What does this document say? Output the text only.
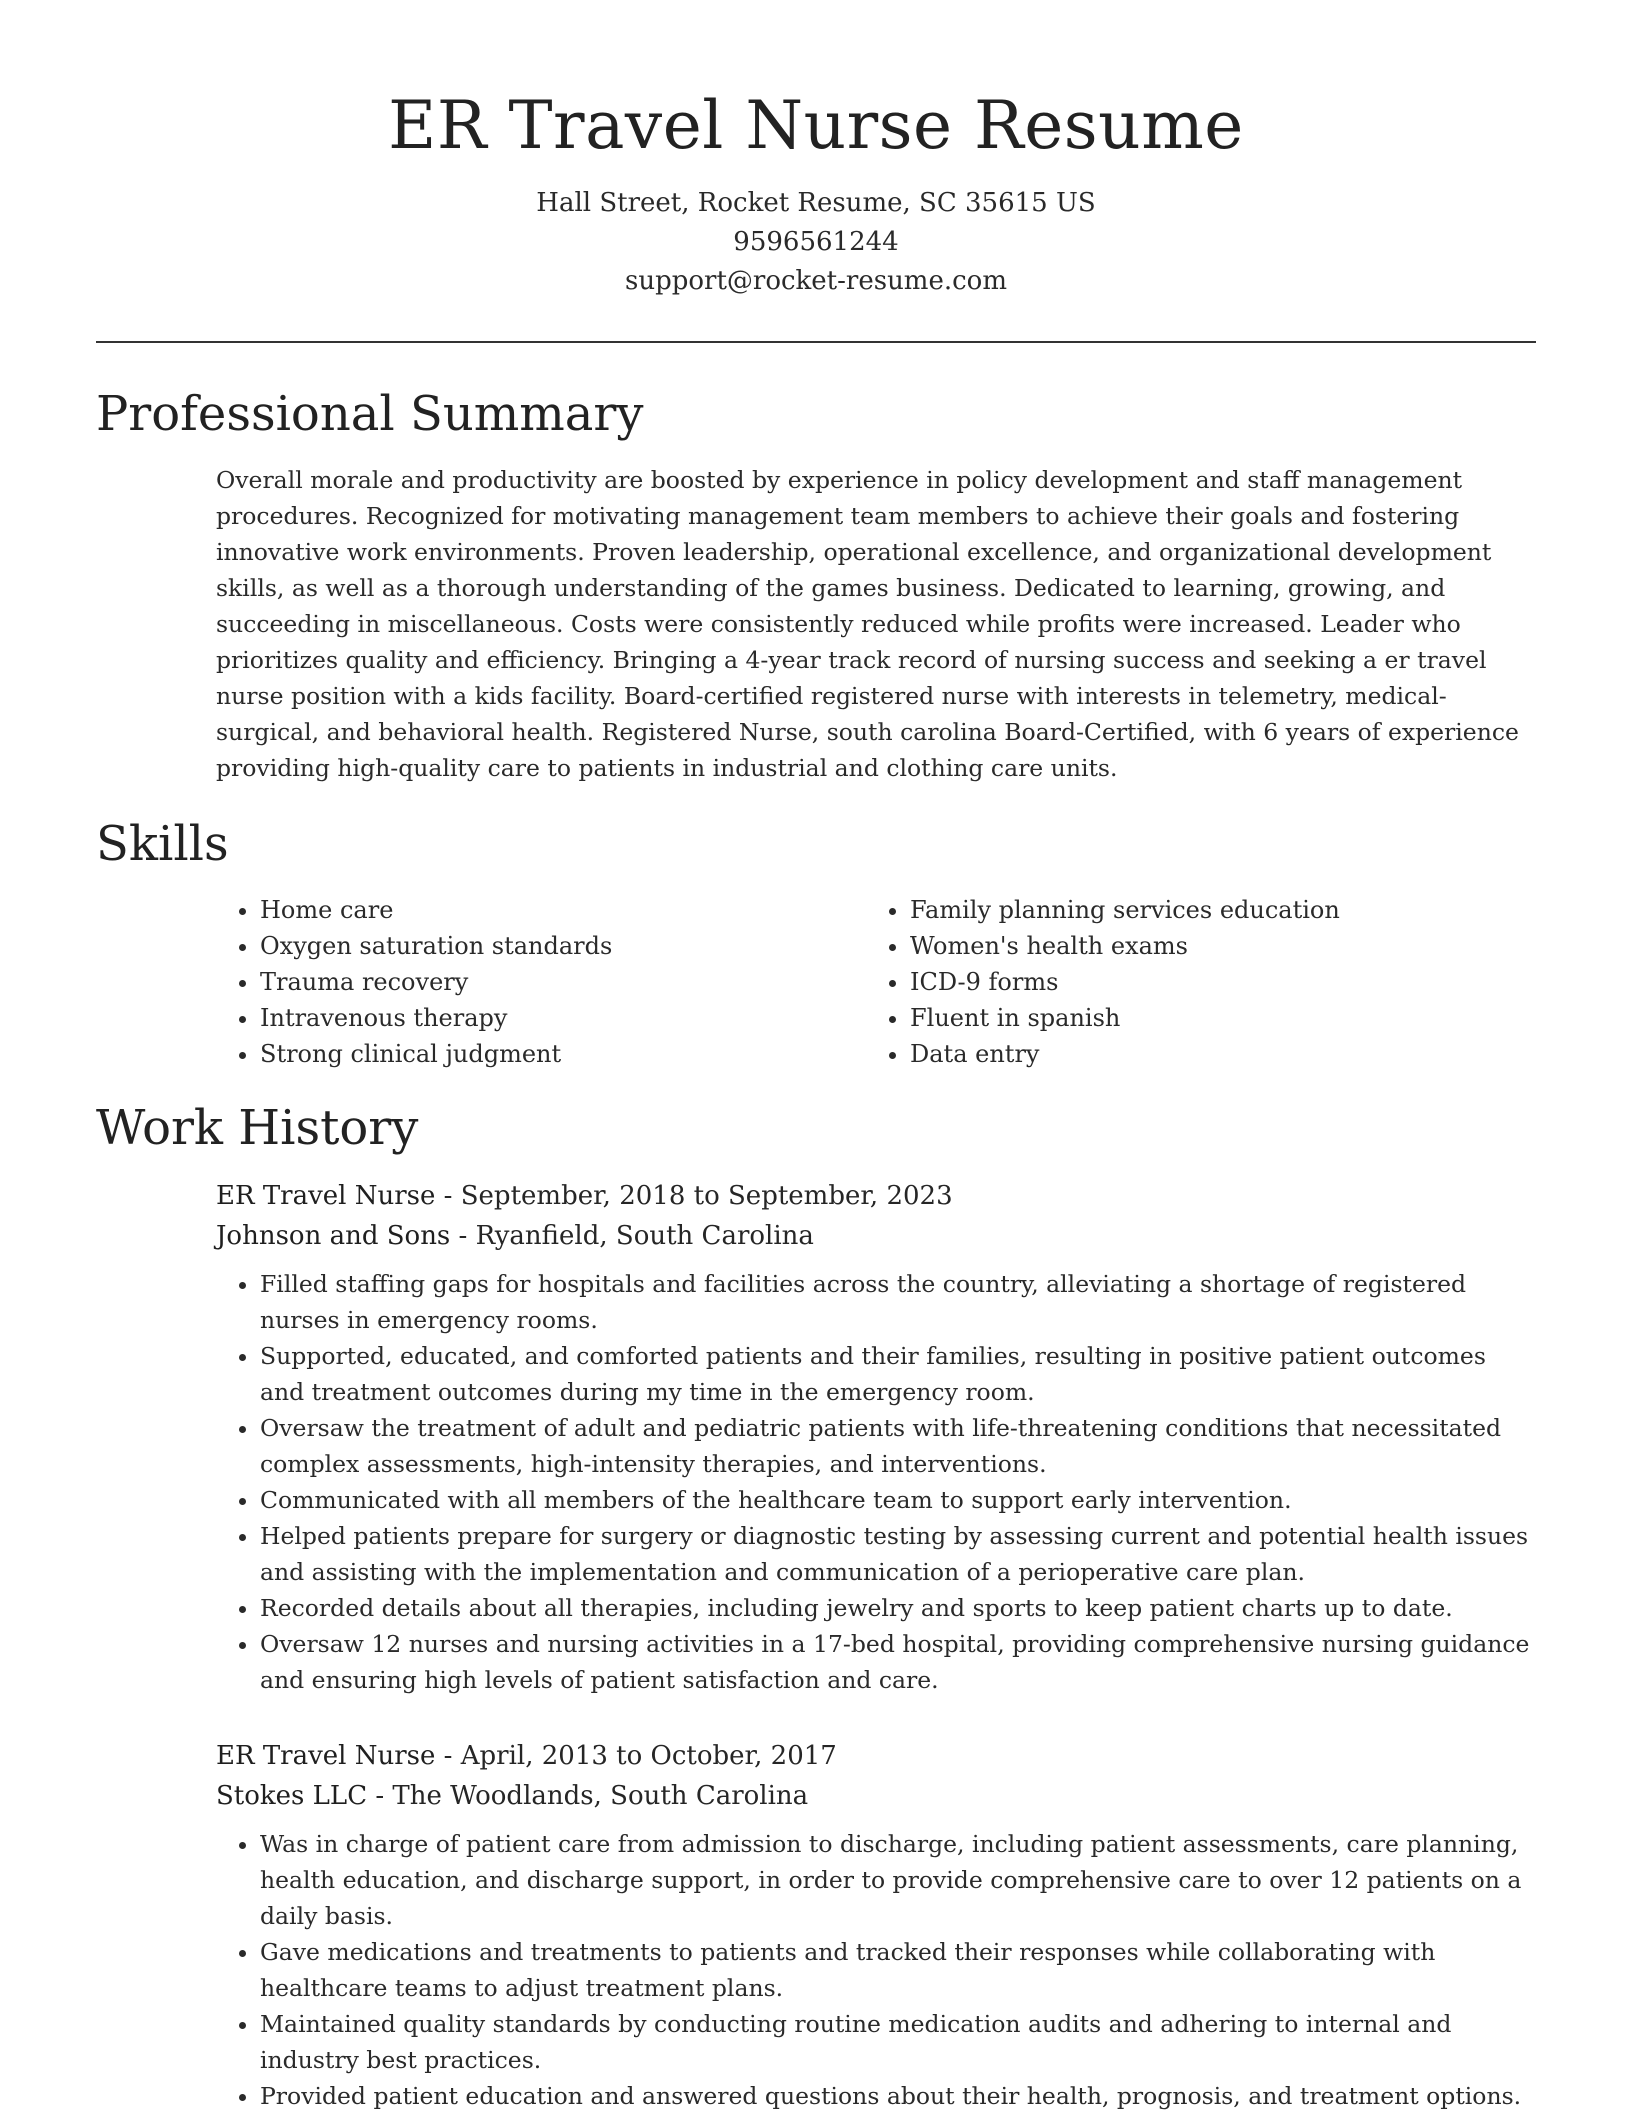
ER Travel Nurse Resume
Hall Street, Rocket Resume, SC 35615 US
9596561244
support@rocket-resume.com
Professional Summary

Overall morale and productivity are boosted by experience in policy development and staff management procedures. Recognized for motivating management team members to achieve their goals and fostering innovative work environments. Proven leadership, operational excellence, and organizational development skills, as well as a thorough understanding of the games business. Dedicated to learning, growing, and succeeding in miscellaneous. Costs were consistently reduced while profits were increased. Leader who prioritizes quality and efficiency. Bringing a 4-year track record of nursing success and seeking a er travel nurse position with a kids facility. Board-certified registered nurse with interests in telemetry, medical-surgical, and behavioral health. Registered Nurse, south carolina Board-Certified, with 6 years of experience providing high-quality care to patients in industrial and clothing care units.

Skills
• Home care
• Oxygen saturation standards
• Trauma recovery
• Intravenous therapy
• Strong clinical judgment
• Family planning services education
• Women's health exams
• ICD-9 forms
• Fluent in spanish
• Data entry
Work History
ER Travel Nurse - September, 2018 to September, 2023
Johnson and Sons - Ryanfield, South Carolina
• Filled staffing gaps for hospitals and facilities across the country, alleviating a shortage of registered nurses in emergency rooms.
• Supported, educated, and comforted patients and their families, resulting in positive patient outcomes and treatment outcomes during my time in the emergency room.
• Oversaw the treatment of adult and pediatric patients with life-threatening conditions that necessitated complex assessments, high-intensity therapies, and interventions.
• Communicated with all members of the healthcare team to support early intervention.
• Helped patients prepare for surgery or diagnostic testing by assessing current and potential health issues and assisting with the implementation and communication of a perioperative care plan.
• Recorded details about all therapies, including jewelry and sports to keep patient charts up to date.
• Oversaw 12 nurses and nursing activities in a 17-bed hospital, providing comprehensive nursing guidance and ensuring high levels of patient satisfaction and care.
ER Travel Nurse - April, 2013 to October, 2017
Stokes LLC - The Woodlands, South Carolina
• Was in charge of patient care from admission to discharge, including patient assessments, care planning, health education, and discharge support, in order to provide comprehensive care to over 12 patients on a daily basis.
• Gave medications and treatments to patients and tracked their responses while collaborating with healthcare teams to adjust treatment plans.
• Maintained quality standards by conducting routine medication audits and adhering to internal and industry best practices.
• Provided patient education and answered questions about their health, prognosis, and treatment options.
